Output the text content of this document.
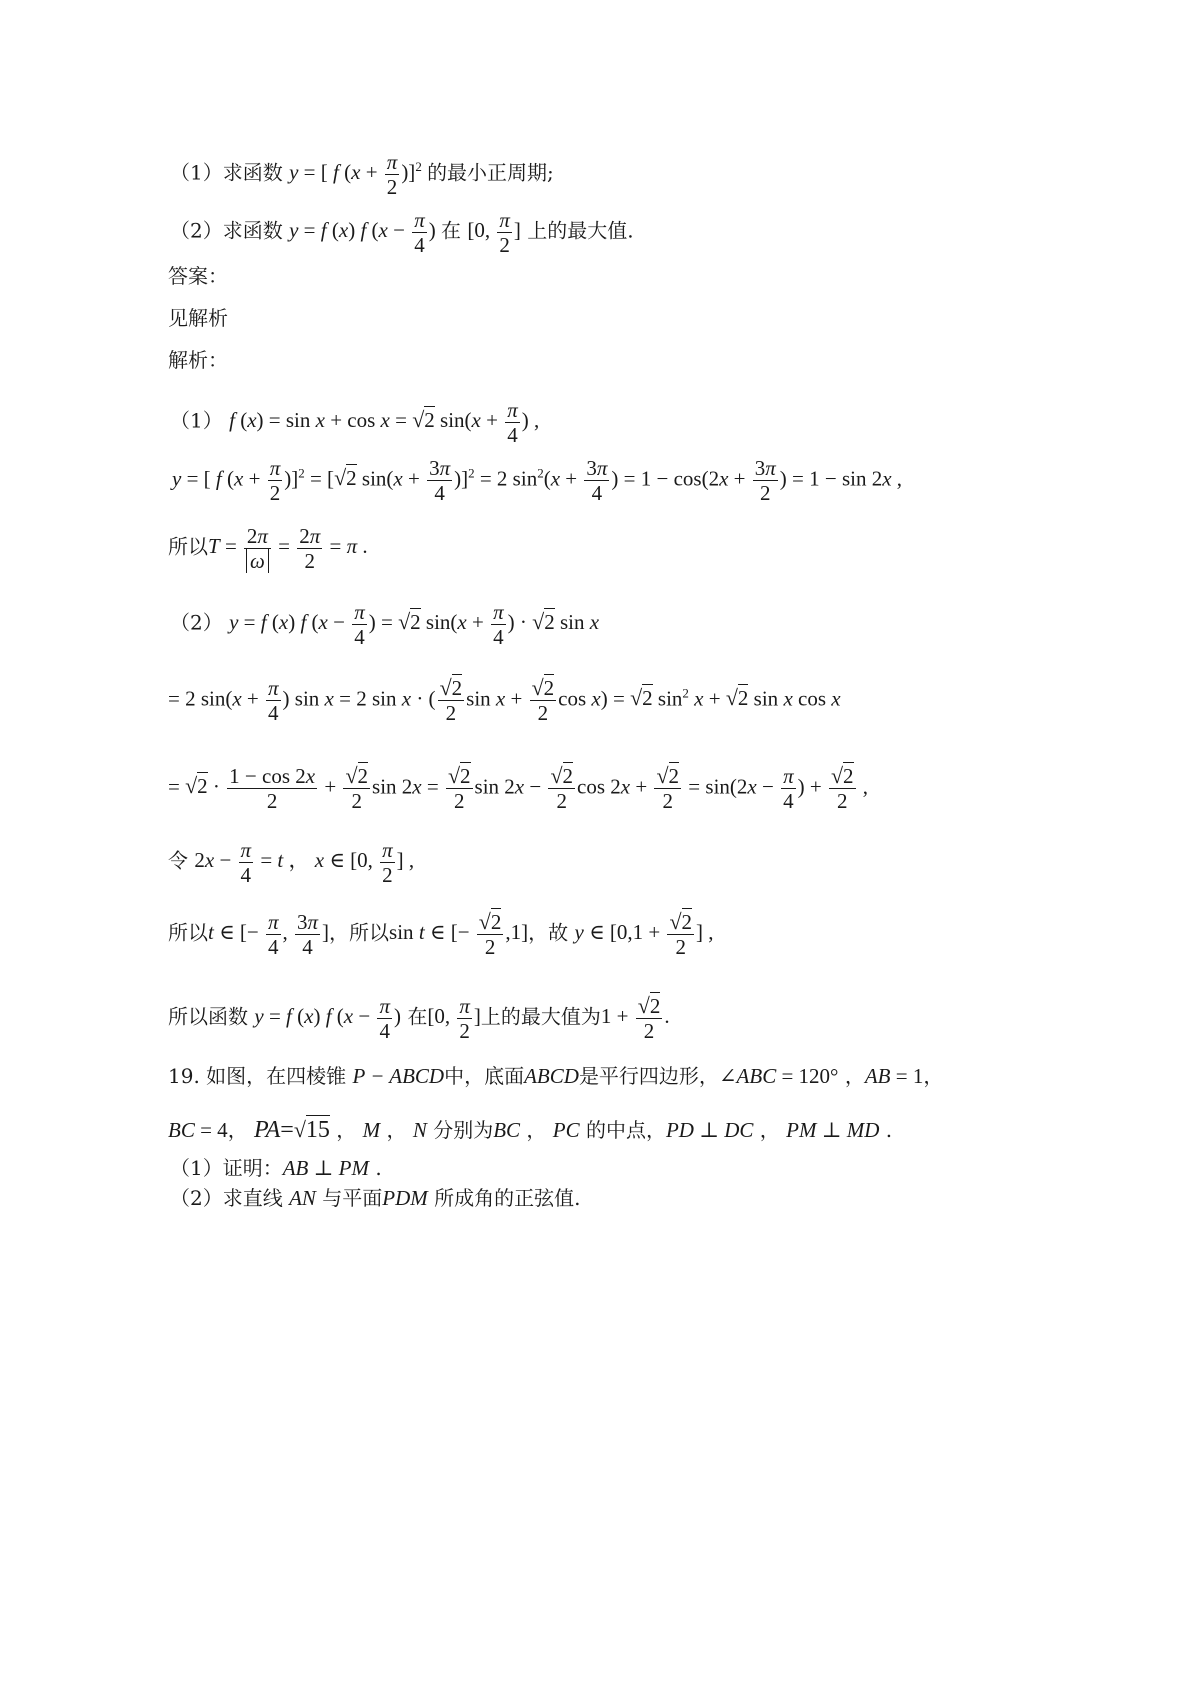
（1）求函数 y = [ f $(x + \frac{\pi}{2} )]^2$ 的最小正周期;
（2）求函数 y = f (x) f ($x - \frac{\pi}{4}$ ) 在 [0, $\frac{\pi}{2}$ ] 上的最大值.
答案：
见解析
解析：
（1） f (x) = sin x + cos x = √2 $\sin(x + \frac{\pi}{4}$ ) ,
y = [ f $(x + \frac{\pi}{2} )]^2 = [√2$ $\sin(x + \frac{3\pi}{4} )]^2 = 2$ $\sin^2(x + \frac{3\pi}{4}$ ) = $1 - \cos(2x + \frac{3\pi}{2}$ ) = 1 − sin 2x ,
所以$T = \frac{2\pi}{\omega} = \frac{2\pi}{2} = \pi$ .
（2） y = f (x) f ($x - \frac{\pi}{4}$ ) = √2 $\sin(x + \frac{\pi}{4}$ ) · √2 sin x
= 2 $\sin(x + \frac{\pi}{4}$ ) sin x = 2 sin x · ( $\frac{√2}{2}$ $\sin x + \frac{√2}{2}$ cos x) = √2 $\sin^2 x + √2$ sin x cos x
= $√2 \cdot \frac{1 - \cos 2x}{2} + \frac{√2}{2}$ $\sin 2x = \frac{√2}{2}$ $\sin 2x - \frac{√2}{2}$ $\cos 2x + \frac{√2}{2} = \sin(2x - \frac{\pi}{4}$ ) + $\frac{√2}{2}$ ,
令 $2x - \frac{\pi}{4} = t$ ， x ∈ [0, $\frac{\pi}{2}$ ] ,
所以t ∈ [− $\frac{\pi}{4}$ , $\frac{3\pi}{4}$ ]，所以sin t ∈ [− $\frac{√2}{2} ,1$]，故 y ∈ [$0,1 + \frac{√2}{2}$ ] ,
所以函数 y = f (x) f ($x - \frac{\pi}{4}$ ) 在[0, $\frac{\pi}{2}$ ]上的最大值为$1 + \frac{√2}{2}$ .
19. 如图，在四棱锥 P − ABCD中，底面ABCD是平行四边形，∠ABC = 120° ，AB = 1，
BC = 4， PA=√15 ， M ， N 分别为BC ， PC 的中点，PD ⊥ DC ， PM ⊥ MD .
（1）证明：AB ⊥ PM .
（2）求直线 AN 与平面PDM 所成角的正弦值.
